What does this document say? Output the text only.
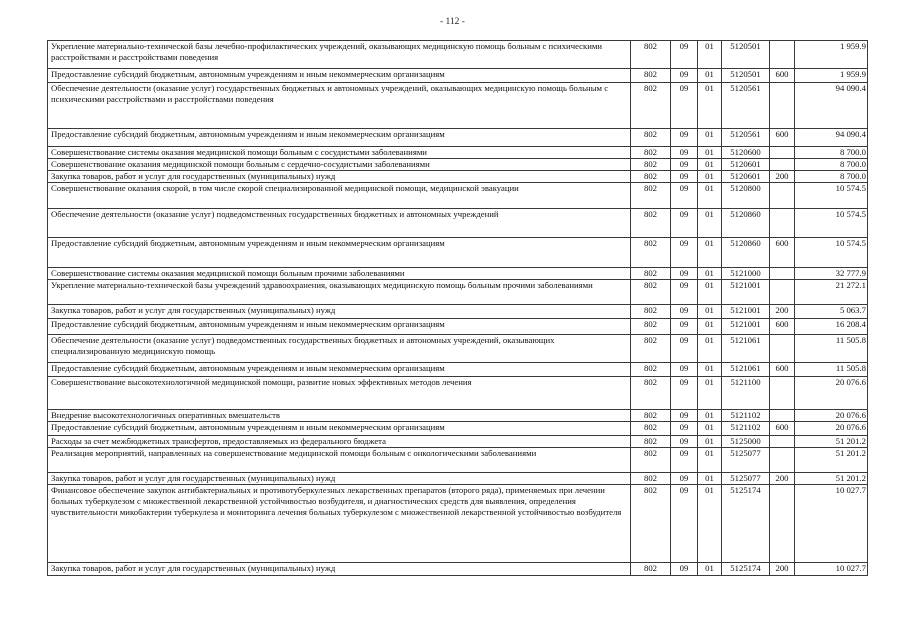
- 112 -
Укрепление материально-технической базы лечебно-профилактических учреждений, оказывающих медицинскую помощь больным с психическими расстройствами и расстройствами поведения	802	09	01	5120501		1 959.9
Предоставление субсидий бюджетным, автономным учреждениям и иным некоммерческим организациям	802	09	01	5120501	600	1 959.9
Обеспечение деятельности (оказание услуг) государственных бюджетных и автономных учреждений, оказывающих медицинскую помощь больным с психическими расстройствами и расстройствами поведения	802	09	01	5120561		94 090.4
Предоставление субсидий бюджетным, автономным учреждениям и иным некоммерческим организациям	802	09	01	5120561	600	94 090.4
Совершенствование системы оказания медицинской помощи больным с сосудистыми заболеваниями	802	09	01	5120600		8 700.0
Совершенствование оказания медицинской помощи больным с сердечно-сосудистыми заболеваниями	802	09	01	5120601		8 700.0
Закупка товаров, работ и услуг для государственных (муниципальных) нужд	802	09	01	5120601	200	8 700.0
Совершенствование оказания скорой, в том числе скорой специализированной медицинской помощи, медицинской эвакуации	802	09	01	5120800		10 574.5
Обеспечение деятельности (оказание услуг) подведомственных государственных бюджетных и автономных учреждений	802	09	01	5120860		10 574.5
Предоставление субсидий бюджетным, автономным учреждениям и иным некоммерческим организациям	802	09	01	5120860	600	10 574.5
Совершенствование системы оказания медицинской помощи больным прочими заболеваниями	802	09	01	5121000		32 777.9
Укрепление материально-технической базы учреждений здравоохранения, оказывающих медицинскую помощь больным прочими заболеваниями	802	09	01	5121001		21 272.1
Закупка товаров, работ и услуг для государственных (муниципальных) нужд	802	09	01	5121001	200	5 063.7
Предоставление субсидий бюджетным, автономным учреждениям и иным некоммерческим организациям	802	09	01	5121001	600	16 208.4
Обеспечение деятельности (оказание услуг) подведомственных государственных бюджетных и автономных учреждений, оказывающих специализированную медицинскую помощь	802	09	01	5121061		11 505.8
Предоставление субсидий бюджетным, автономным учреждениям и иным некоммерческим организациям	802	09	01	5121061	600	11 505.8
Совершенствование высокотехнологичной медицинской помощи, развитие новых эффективных методов лечения	802	09	01	5121100		20 076.6
Внедрение высокотехнологичных оперативных вмешательств	802	09	01	5121102		20 076.6
Предоставление субсидий бюджетным, автономным учреждениям и иным некоммерческим организациям	802	09	01	5121102	600	20 076.6
Расходы за счет межбюджетных трансфертов, предоставляемых из федерального бюджета	802	09	01	5125000		51 201.2
Реализация мероприятий, направленных на совершенствование медицинской помощи больным с онкологическими заболеваниями	802	09	01	5125077		51 201.2
Закупка товаров, работ и услуг для государственных (муниципальных) нужд	802	09	01	5125077	200	51 201.2
Финансовое обеспечение закупок антибактериальных и противотуберкулезных лекарственных препаратов (второго ряда), применяемых при лечении больных туберкулезом с множественной лекарственной устойчивостью возбудителя, и диагностических средств для выявления, определения чувствительности микобактерии туберкулеза и мониторинга лечения больных туберкулезом с множественной лекарственной устойчивостью возбудителя	802	09	01	5125174		10 027.7
Закупка товаров, работ и услуг для государственных (муниципальных) нужд	802	09	01	5125174	200	10 027.7
